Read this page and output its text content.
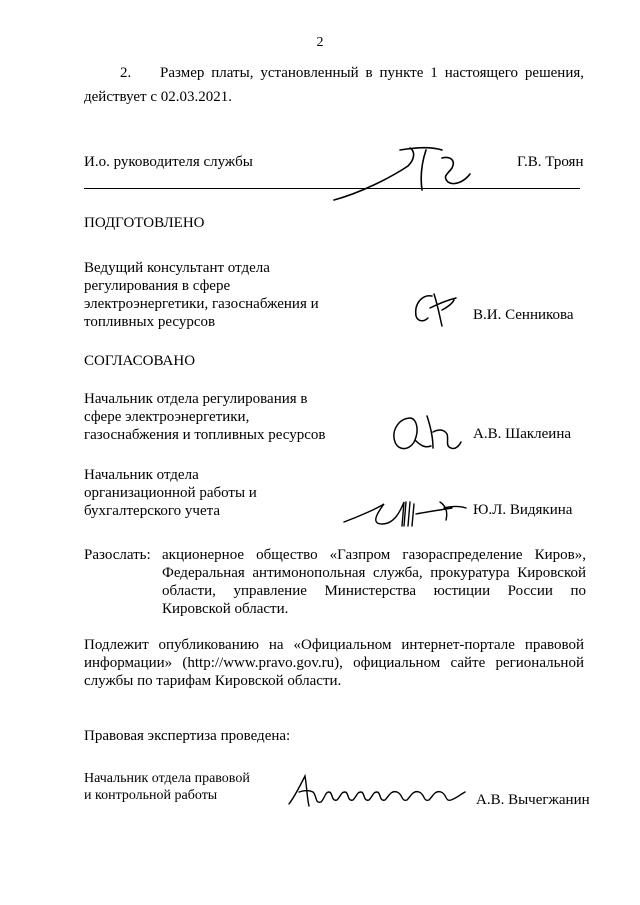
2
2. Размер платы, установленный в пункте 1 настоящего решения,
действует с 02.03.2021.
И.о. руководителя службы	Г.В. Троян
ПОДГОТОВЛЕНО
Ведущий консультант отдела
регулирования в сфере
электроэнергетики, газоснабжения и
топливных ресурсов	В.И. Сенникова
СОГЛАСОВАНО
Начальник отдела регулирования в
сфере электроэнергетики,
газоснабжения и топливных ресурсов	А.В. Шаклеина
Начальник отдела
организационной работы и
бухгалтерского учета	Ю.Л. Видякина
Разослать: акционерное общество «Газпром газораспределение Киров»,
Федеральная антимонопольная служба, прокуратура Кировской
области, управление Министерства юстиции России по
Кировской области.
Подлежит опубликованию на «Официальном интернет-портале правовой
информации» (http://www.pravo.gov.ru), официальном сайте региональной
службы по тарифам Кировской области.
Правовая экспертиза проведена:
Начальник отдела правовой
и контрольной работы	А.В. Вычегжанин
